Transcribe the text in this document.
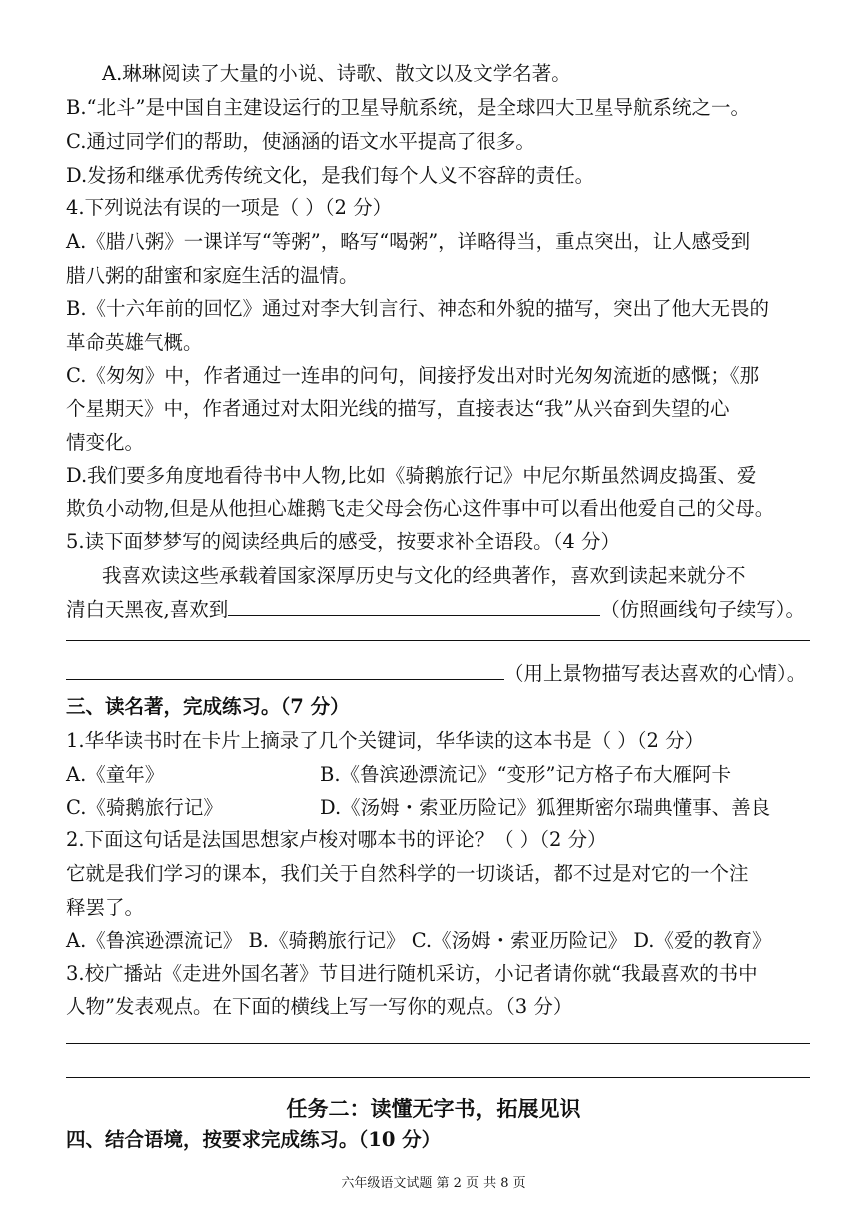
A.琳琳阅读了大量的小说、诗歌、散文以及文学名著。
B.“北斗”是中国自主建设运行的卫星导航系统，是全球四大卫星导航系统之一。
C.通过同学们的帮助，使涵涵的语文水平提高了很多。
D.发扬和继承优秀传统文化，是我们每个人义不容辞的责任。
4.下列说法有误的一项是（ ）（2 分）
A.《腊八粥》一课详写“等粥”，略写“喝粥”，详略得当，重点突出，让人感受到
腊八粥的甜蜜和家庭生活的温情。
B.《十六年前的回忆》通过对李大钊言行、神态和外貌的描写，突出了他大无畏的
革命英雄气概。
C.《匆匆》中，作者通过一连串的问句，间接抒发出对时光匆匆流逝的感慨；《那
个星期天》中，作者通过对太阳光线的描写，直接表达“我”从兴奋到失望的心
情变化。
D.我们要多角度地看待书中人物,比如《骑鹅旅行记》中尼尔斯虽然调皮捣蛋、爱
欺负小动物,但是从他担心雄鹅飞走父母会伤心这件事中可以看出他爱自己的父母。
5.读下面梦梦写的阅读经典后的感受，按要求补全语段。（4 分）
我喜欢读这些承载着国家深厚历史与文化的经典著作，喜欢到读起来就分不
清白天黑夜,喜欢到	（仿照画线句子续写）。
（用上景物描写表达喜欢的心情）。
三、读名著，完成练习。（7 分）
1.华华读书时在卡片上摘录了几个关键词，华华读的这本书是（ ）（2 分）
A.《童年》	B.《鲁滨逊漂流记》“变形”记方格子布大雁阿卡
C.《骑鹅旅行记》	D.《汤姆・索亚历险记》狐狸斯密尔瑞典懂事、善良
2.下面这句话是法国思想家卢梭对哪本书的评论？（ ）（2 分）
它就是我们学习的课本，我们关于自然科学的一切谈话，都不过是对它的一个注
释罢了。
A.《鲁滨逊漂流记》 B.《骑鹅旅行记》 C.《汤姆・索亚历险记》 D.《爱的教育》
3.校广播站《走进外国名著》节目进行随机采访，小记者请你就“我最喜欢的书中
人物”发表观点。在下面的横线上写一写你的观点。（3 分）
任务二：读懂无字书，拓展见识
四、结合语境，按要求完成练习。（10 分）
六年级语文试题 第 2 页 共 8 页
